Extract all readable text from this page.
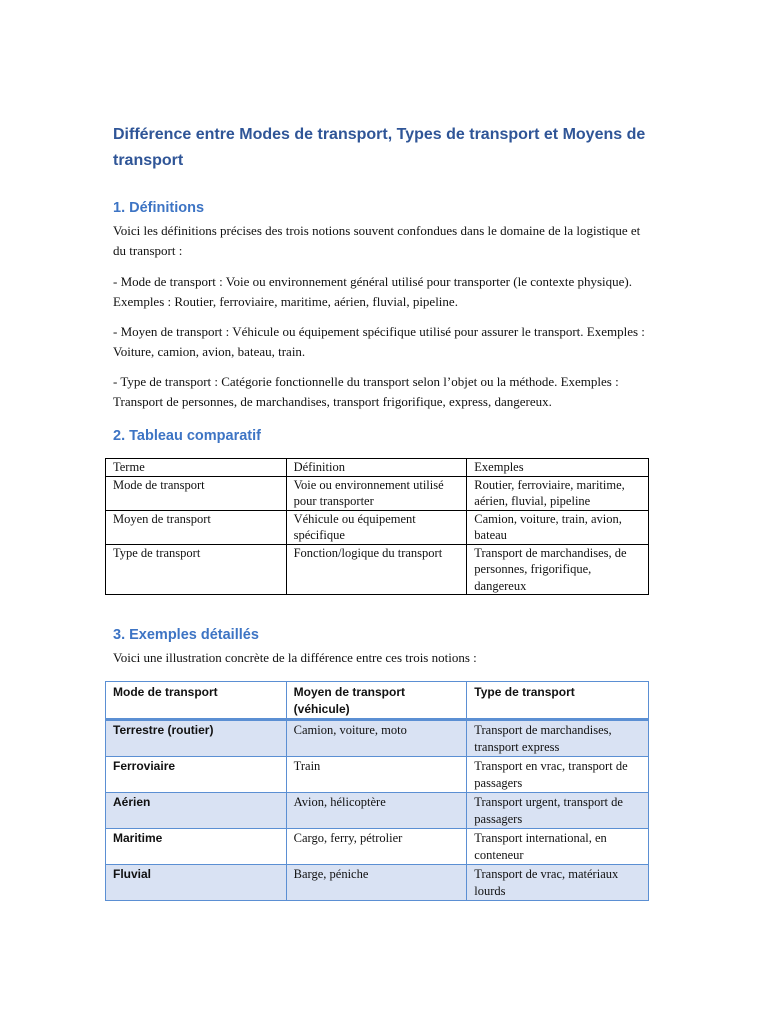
Différence entre Modes de transport, Types de transport et Moyens de transport
1. Définitions

Voici les définitions précises des trois notions souvent confondues dans le domaine de la logistique et du transport :

- Mode de transport : Voie ou environnement général utilisé pour transporter (le contexte physique). Exemples : Routier, ferroviaire, maritime, aérien, fluvial, pipeline.

- Moyen de transport : Véhicule ou équipement spécifique utilisé pour assurer le transport. Exemples : Voiture, camion, avion, bateau, train.

- Type de transport : Catégorie fonctionnelle du transport selon l’objet ou la méthode. Exemples : Transport de personnes, de marchandises, transport frigorifique, express, dangereux.

2. Tableau comparatif
Terme	Définition	Exemples
Mode de transport	Voie ou environnement utilisé pour transporter	Routier, ferroviaire, maritime, aérien, fluvial, pipeline
Moyen de transport	Véhicule ou équipement spécifique	Camion, voiture, train, avion, bateau
Type de transport	Fonction/logique du transport	Transport de marchandises, de personnes, frigorifique, dangereux
3. Exemples détaillés

Voici une illustration concrète de la différence entre ces trois notions :

Mode de transport	Moyen de transport (véhicule)	Type de transport
Terrestre (routier)	Camion, voiture, moto	Transport de marchandises, transport express
Ferroviaire	Train	Transport en vrac, transport de passagers
Aérien	Avion, hélicoptère	Transport urgent, transport de passagers
Maritime	Cargo, ferry, pétrolier	Transport international, en conteneur
Fluvial	Barge, péniche	Transport de vrac, matériaux lourds
